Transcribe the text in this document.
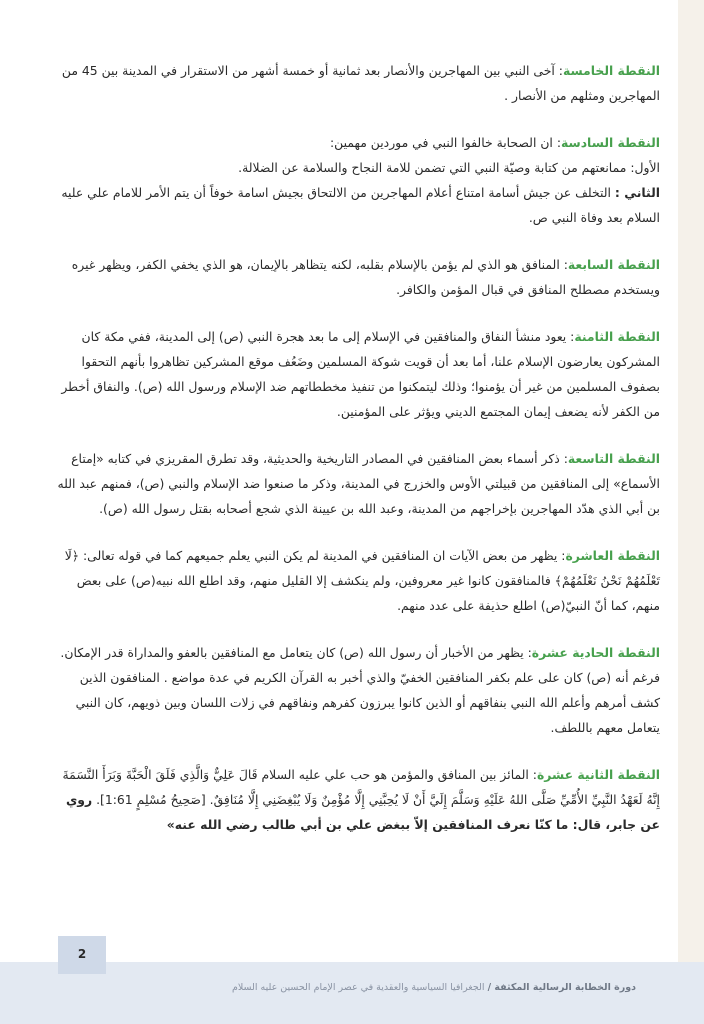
النقطة الخامسة: آخى النبي بين المهاجرين والأنصار بعد ثمانية أو خمسة أشهر من الاستقرار في المدينة بين 45 من المهاجرين ومثلهم من الأنصار .

النقطة السادسة: ان الصحابة خالفوا النبي في موردين مهمين:

الأول: ممانعتهم من كتابة وصيّة النبي التي تضمن للامة النجاح والسلامة عن الضلالة.

الثاني : التخلف عن جيش أسامة امتناع أعلام المهاجرين من الالتحاق بجيش اسامة خوفاً أن يتم الأمر للامام علي عليه السلام بعد وفاة النبي ص.

النقطة السابعة: المنافق هو الذي لم يؤمن بالإسلام بقلبه، لكنه يتظاهر بالإيمان، هو الذي يخفي الكفر، ويظهر غيره ويستخدم مصطلح المنافق في قبال المؤمن والكافر.

النقطة الثامنة: يعود منشأ النفاق والمنافقين في الإسلام إلى ما بعد هجرة النبي (ص) إلى المدينة، ففي مكة كان المشركون يعارضون الإسلام علنا، أما بعد أن قويت شوكة المسلمين وضَعُف موقع المشركين تظاهروا بأنهم التحقوا بصفوف المسلمين من غير أن يؤمنوا؛ وذلك ليتمكنوا من تنفيذ مخططاتهم ضد الإسلام ورسول الله (ص). والنفاق أخطر من الكفر لأنه يضعف إيمان المجتمع الديني ويؤثر على المؤمنين.

النقطة التاسعة: ذكر أسماء بعض المنافقين في المصادر التاريخية والحديثية، وقد تطرق المقريزي في كتابه «إمتاع الأسماع» إلى المنافقين من قبيلتي الأوس والخزرج في المدينة، وذكر ما صنعوا ضد الإسلام والنبي (ص)، فمنهم عبد الله بن أبي الذي هدّد المهاجرين بإخراجهم من المدينة، وعبد الله بن عيينة الذي شجع أصحابه بقتل رسول الله (ص).

النقطة العاشرة: يظهر من بعض الآيات ان المنافقين في المدينة لم يكن النبي يعلم جميعهم كما في قوله تعالى: ﴿لَا تَعْلَمُهُمْ نَحْنُ نَعْلَمُهُمْ﴾ فالمنافقون كانوا غير معروفين، ولم ينكشف إلا القليل منهم، وقد اطلع الله نبيه(ص) على بعض منهم، كما أنّ النبيّ(ص) اطلع حذيفة على عدد منهم.

النقطة الحادية عشرة: يظهر من الأخبار أن رسول الله (ص) كان يتعامل مع المنافقين بالعفو والمداراة قدر الإمكان. فرغم أنه (ص) كان على علم بكفر المنافقين الخفيّ والذي أخبر به القرآن الكريم في عدة مواضع . المنافقون الذين كشف أمرهم وأعلم الله النبي بنفاقهم أو الذين كانوا يبرزون كفرهم ونفاقهم في زلات اللسان وبين ذويهم، كان النبي يتعامل معهم باللطف.

النقطة الثانية عشرة: المائز بين المنافق والمؤمن هو حب علي عليه السلام قَالَ عَلِيٌّ وَالَّذِي فَلَقَ الْحَبَّةَ وَبَرَأَ النَّسَمَةَ إِنَّهُ لَعَهْدُ النَّبِيِّ الأُمِّيِّ صَلَّى اللهُ عَلَيْهِ وَسَلَّمَ إِلَيَّ أَنْ لَا يُحِبَّنِي إِلَّا مُؤْمِنٌ وَلَا يُبْغِضَنِي إِلَّا مُنَافِقٌ. [صَحِيحُ مُسْلِمٍ 1:61]. روي عن جابر، قال: ما كنّا نعرف المنافقين إلاّ ببغض علي بن أبي طالب رضي الله عنه»

2
دورة الخطابة الرسالية المكثفة / الجغرافيا السياسية والعقدية في عصر الإمام الحسين عليه السلام
